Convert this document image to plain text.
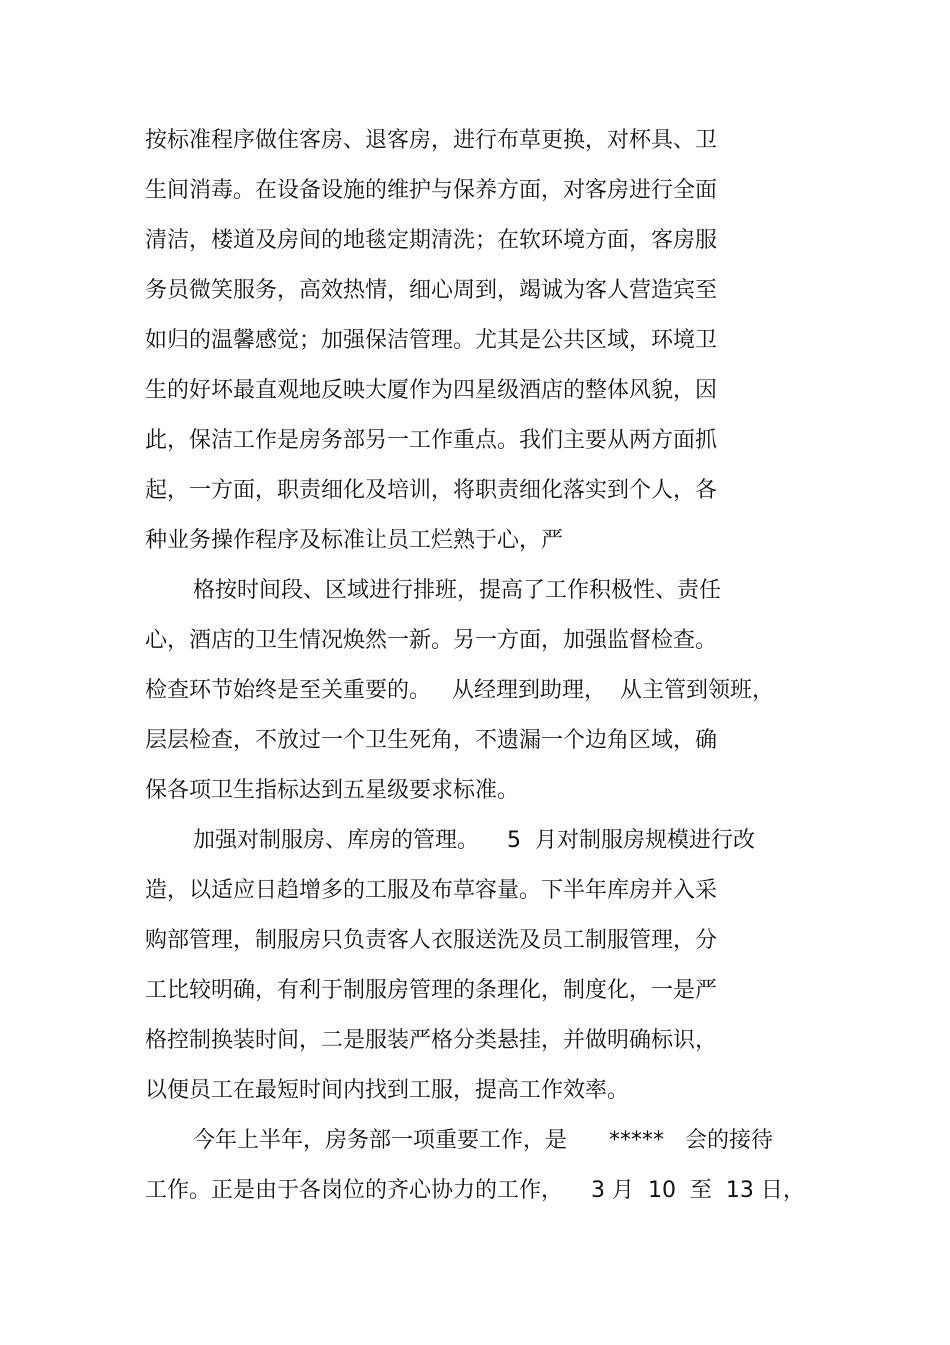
按标准程序做住客房、退客房，进行布草更换，对杯具、卫
生间消毒。在设备设施的维护与保养方面，对客房进行全面
清洁，楼道及房间的地毯定期清洗；在软环境方面，客房服
务员微笑服务，高效热情，细心周到，竭诚为客人营造宾至
如归的温馨感觉；加强保洁管理。尤其是公共区域，环境卫
生的好坏最直观地反映大厦作为四星级酒店的整体风貌，因
此，保洁工作是房务部另一工作重点。我们主要从两方面抓
起，一方面，职责细化及培训，将职责细化落实到个人，各
种业务操作程序及标准让员工烂熟于心，严
格按时间段、区域进行排班，提高了工作积极性、责任
心，酒店的卫生情况焕然一新。另一方面，加强监督检查。
检查环节始终是至关重要的。   从经理到助理，  从主管到领班，
层层检查，不放过一个卫生死角，不遗漏一个边角区域，确
保各项卫生指标达到五星级要求标准。
加强对制服房、库房的管理。    5  月对制服房规模进行改
造，以适应日趋增多的工服及布草容量。下半年库房并入采
购部管理，制服房只负责客人衣服送洗及员工制服管理，分
工比较明确，有利于制服房管理的条理化，制度化，一是严
格控制换装时间，二是服装严格分类悬挂，并做明确标识，
以便员工在最短时间内找到工服，提高工作效率。
今年上半年，房务部一项重要工作，是      *****   会的接待
工作。正是由于各岗位的齐心协力的工作，    3 月  10  至  13 日，
